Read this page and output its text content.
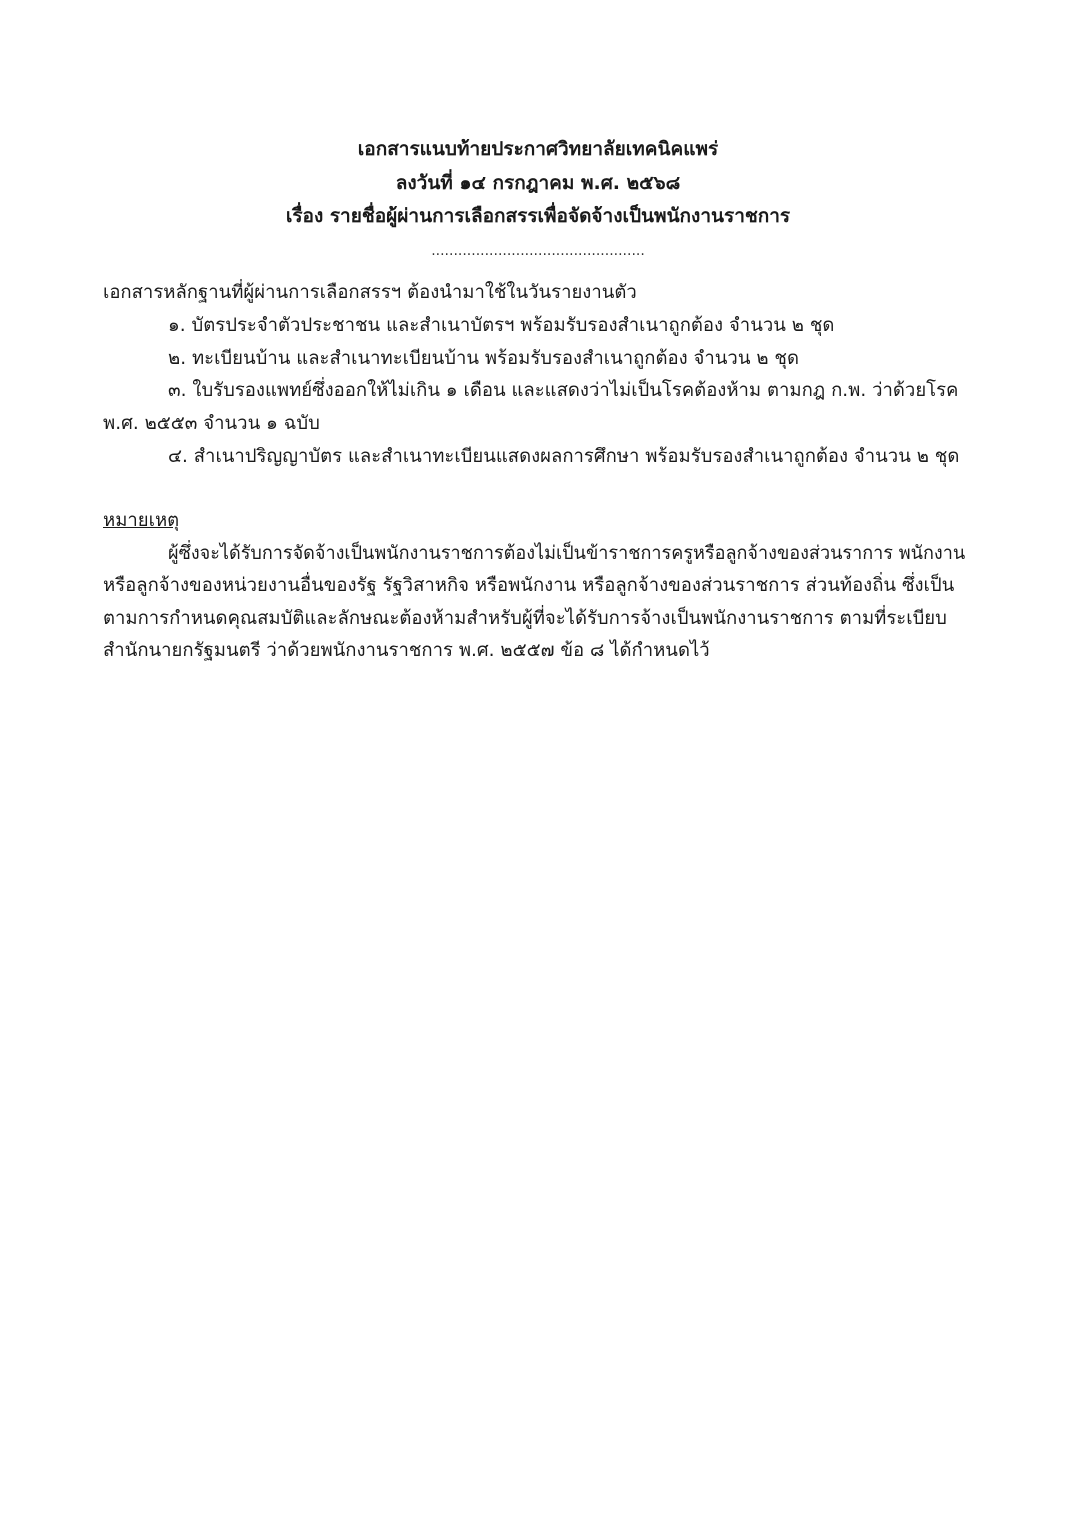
เอกสารแนบท้ายประกาศวิทยาลัยเทคนิคแพร่
ลงวันที่ ๑๔ กรกฎาคม พ.ศ. ๒๕๖๘
เรื่อง รายชื่อผู้ผ่านการเลือกสรรเพื่อจัดจ้างเป็นพนักงานราชการ
................................................
เอกสารหลักฐานที่ผู้ผ่านการเลือกสรรฯ ต้องนำมาใช้ในวันรายงานตัว
๑. บัตรประจำตัวประชาชน และสำเนาบัตรฯ พร้อมรับรองสำเนาถูกต้อง จำนวน ๒ ชุด
๒. ทะเบียนบ้าน และสำเนาทะเบียนบ้าน พร้อมรับรองสำเนาถูกต้อง จำนวน ๒ ชุด
๓. ใบรับรองแพทย์ซึ่งออกให้ไม่เกิน ๑ เดือน และแสดงว่าไม่เป็นโรคต้องห้าม ตามกฎ ก.พ. ว่าด้วยโรค
พ.ศ. ๒๕๕๓ จำนวน ๑ ฉบับ
๔. สำเนาปริญญาบัตร และสำเนาทะเบียนแสดงผลการศึกษา พร้อมรับรองสำเนาถูกต้อง จำนวน ๒ ชุด
หมายเหตุ
ผู้ซึ่งจะได้รับการจัดจ้างเป็นพนักงานราชการต้องไม่เป็นข้าราชการครูหรือลูกจ้างของส่วนราการ พนักงาน
หรือลูกจ้างของหน่วยงานอื่นของรัฐ รัฐวิสาหกิจ หรือพนักงาน หรือลูกจ้างของส่วนราชการ ส่วนท้องถิ่น ซึ่งเป็น
ตามการกำหนดคุณสมบัติและลักษณะต้องห้ามสำหรับผู้ที่จะได้รับการจ้างเป็นพนักงานราชการ ตามที่ระเบียบ
สำนักนายกรัฐมนตรี ว่าด้วยพนักงานราชการ พ.ศ. ๒๕๕๗ ข้อ ๘ ได้กำหนดไว้
